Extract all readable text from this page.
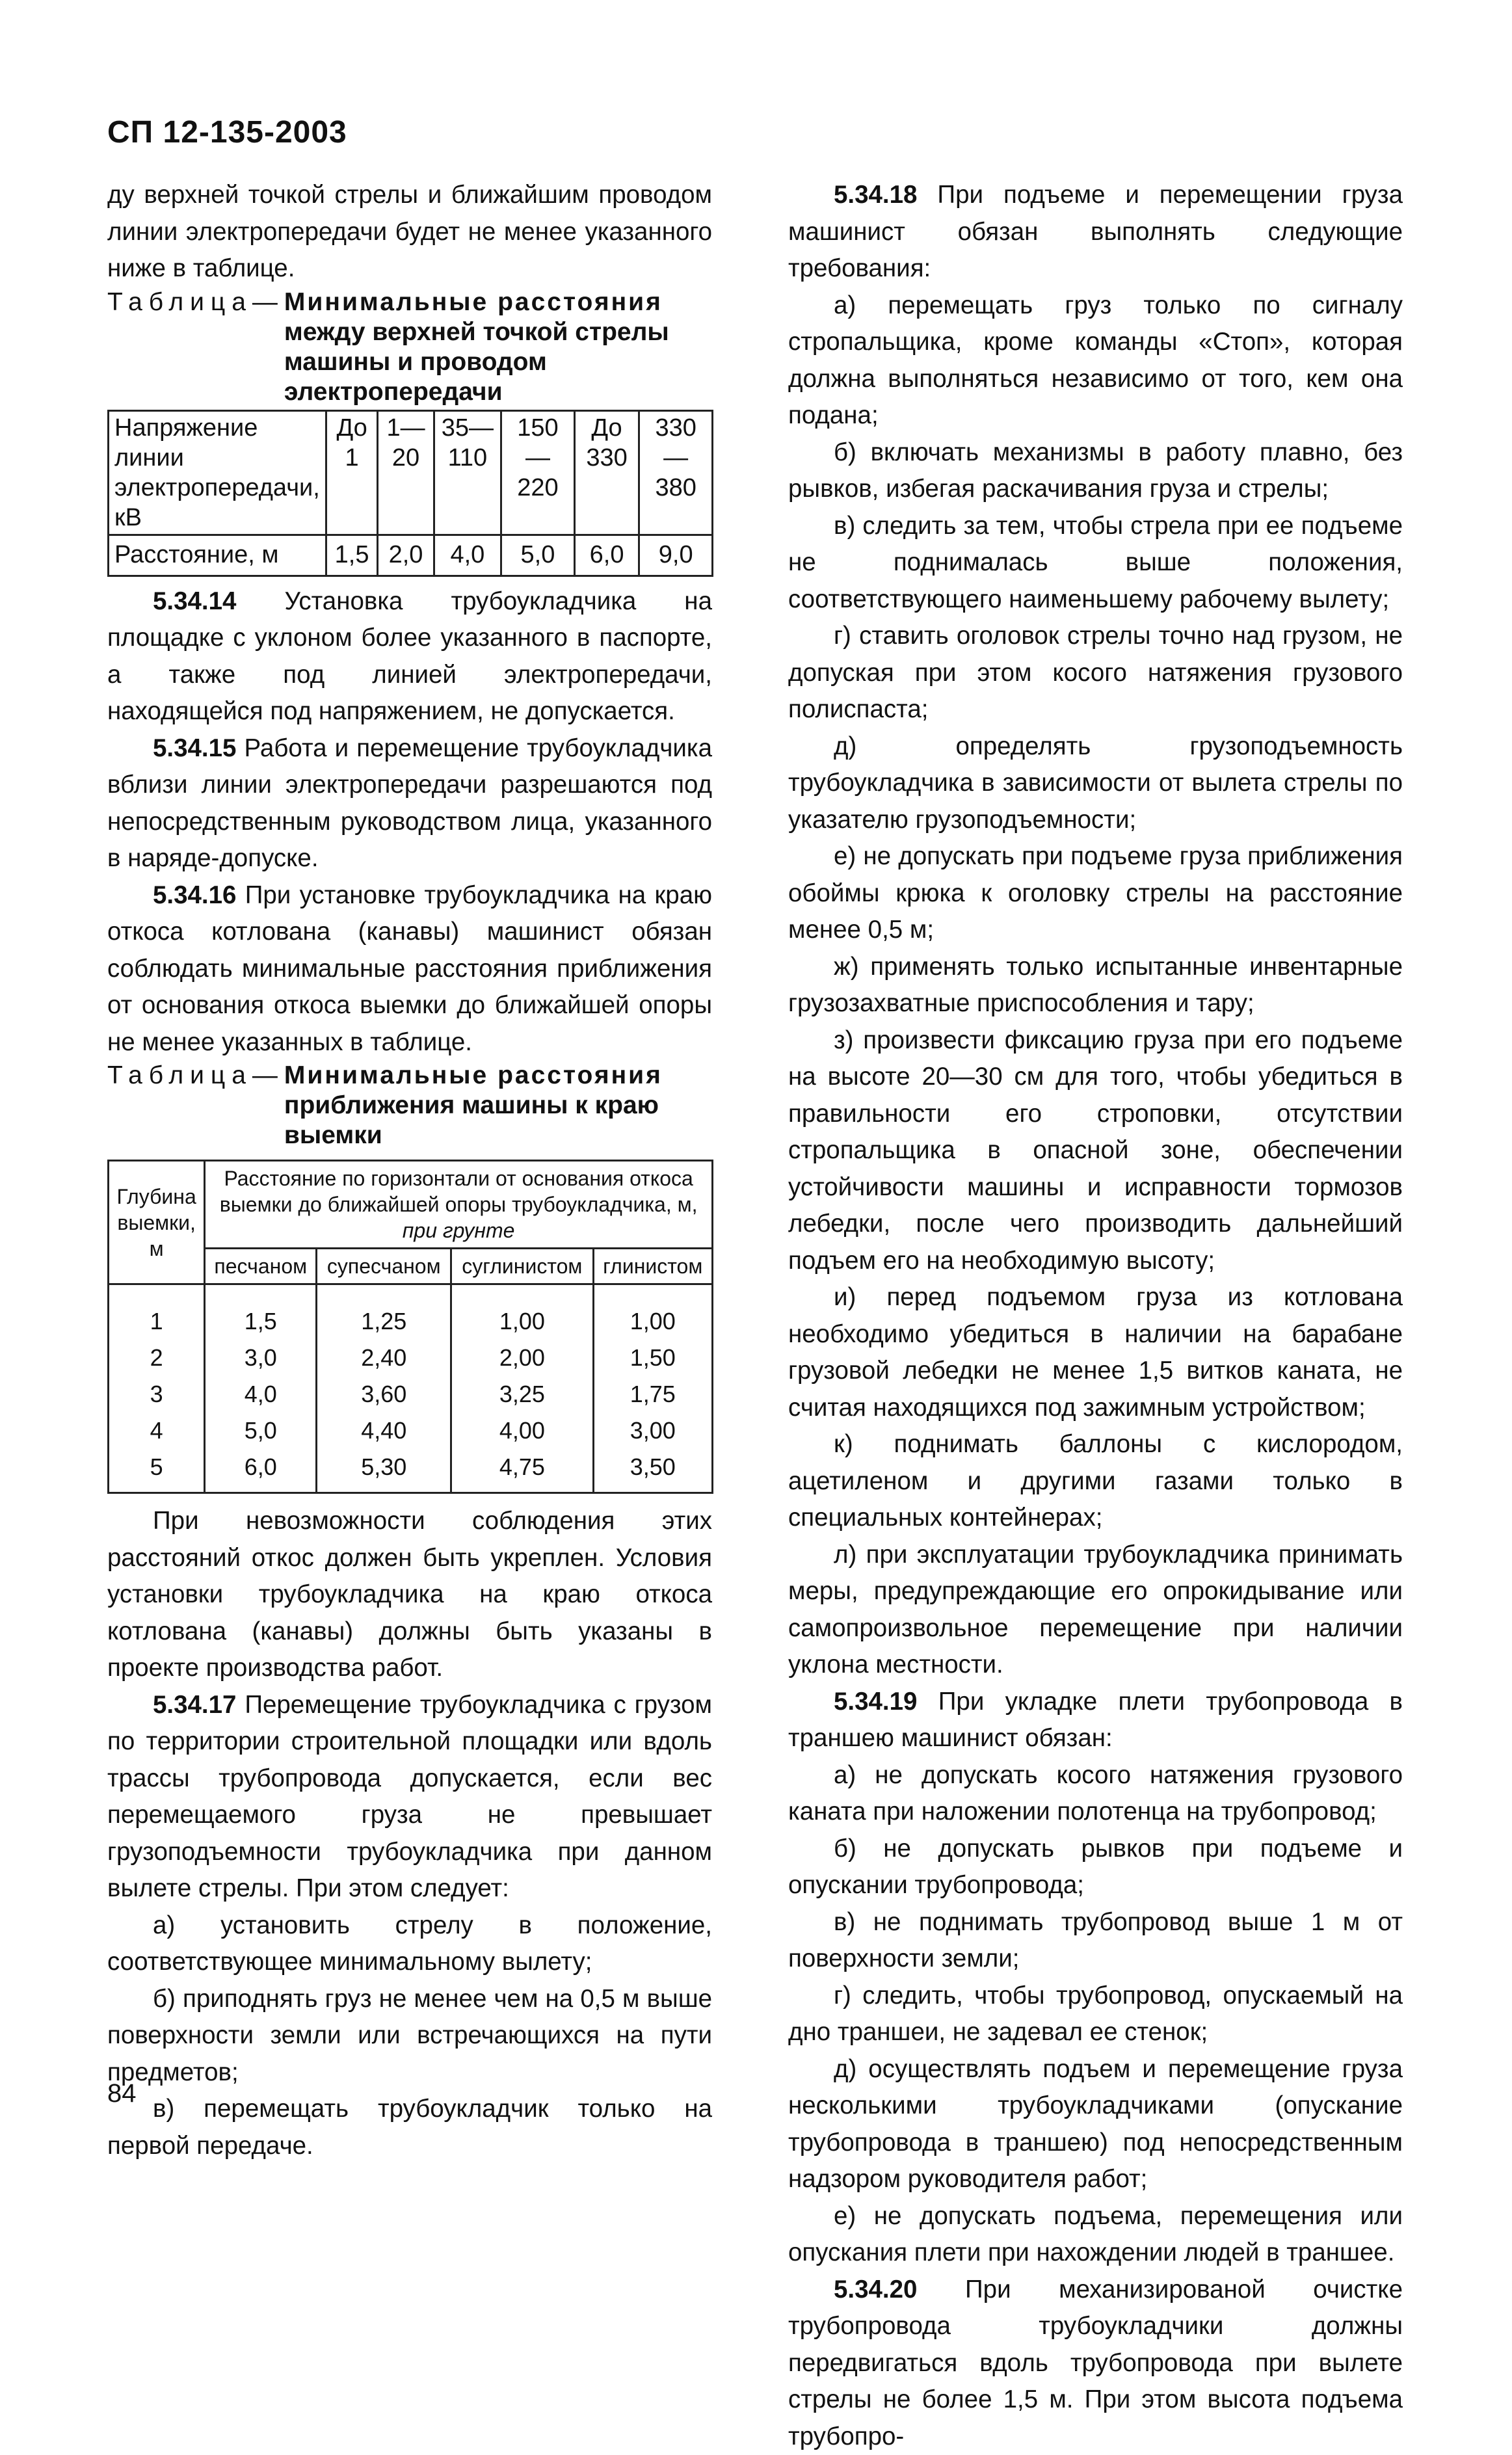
СП 12-135-2003

ду верхней точкой стрелы и ближайшим проводом линии электропередачи будет не менее указанного ниже в таблице.

Таблица— Минимальные расстояния между верхней точкой стрелы машины и проводом электропередачи
Напряжение линии электропередачи, кВ	До 1	1—20	35—110	150—220	До 330	330—380
Расстояние, м	1,5	2,0	4,0	5,0	6,0	9,0

5.34.14 Установка трубоукладчика на площадке с уклоном более указанного в паспорте, а также под линией электропередачи, находящейся под напряжением, не допускается.

5.34.15 Работа и перемещение трубоукладчика вблизи линии электропередачи разрешаются под непосредственным руководством лица, указанного в наряде-допуске.

5.34.16 При установке трубоукладчика на краю откоса котлована (канавы) машинист обязан соблюдать минимальные расстояния приближения от основания откоса выемки до ближайшей опоры не менее указанных в таблице.

Таблица— Минимальные расстояния приближения машины к краю выемки
Глубина выемки, м	Расстояние по горизонтали от основания откоса выемки до ближайшей опоры трубоукладчика, м, при грунте			
	песчаном	супесчаном	суглинистом	глинистом
1	1,5	1,25	1,00	1,00
2	3,0	2,40	2,00	1,50
3	4,0	3,60	3,25	1,75
4	5,0	4,40	4,00	3,00
5	6,0	5,30	4,75	3,50

При невозможности соблюдения этих расстояний откос должен быть укреплен. Условия установки трубоукладчика на краю откоса котлована (канавы) должны быть указаны в проекте производства работ.

5.34.17 Перемещение трубоукладчика с грузом по территории строительной площадки или вдоль трассы трубопровода допускается, если вес перемещаемого груза не превышает грузоподъемности трубоукладчика при данном вылете стрелы. При этом следует:

а) установить стрелу в положение, соответствующее минимальному вылету;

б) приподнять груз не менее чем на 0,5 м выше поверхности земли или встречающихся на пути предметов;

в) перемещать трубоукладчик только на первой передаче.

5.34.18 При подъеме и перемещении груза машинист обязан выполнять следующие требования:

а) перемещать груз только по сигналу стропальщика, кроме команды «Стоп», которая должна выполняться независимо от того, кем она подана;

б) включать механизмы в работу плавно, без рывков, избегая раскачивания груза и стрелы;

в) следить за тем, чтобы стрела при ее подъеме не поднималась выше положения, соответствующего наименьшему рабочему вылету;

г) ставить оголовок стрелы точно над грузом, не допуская при этом косого натяжения грузового полиспаста;

д) определять грузоподъемность трубоукладчика в зависимости от вылета стрелы по указателю грузоподъемности;

е) не допускать при подъеме груза приближения обоймы крюка к оголовку стрелы на расстояние менее 0,5 м;

ж) применять только испытанные инвентарные грузозахватные приспособления и тару;

з) произвести фиксацию груза при его подъеме на высоте 20—30 см для того, чтобы убедиться в правильности его строповки, отсутствии стропальщика в опасной зоне, обеспечении устойчивости машины и исправности тормозов лебедки, после чего производить дальнейший подъем его на необходимую высоту;

и) перед подъемом груза из котлована необходимо убедиться в наличии на барабане грузовой лебедки не менее 1,5 витков каната, не считая находящихся под зажимным устройством;

к) поднимать баллоны с кислородом, ацетиленом и другими газами только в специальных контейнерах;

л) при эксплуатации трубоукладчика принимать меры, предупреждающие его опрокидывание или самопроизвольное перемещение при наличии уклона местности.

5.34.19 При укладке плети трубопровода в траншею машинист обязан:

а) не допускать косого натяжения грузового каната при наложении полотенца на трубопровод;

б) не допускать рывков при подъеме и опускании трубопровода;

в) не поднимать трубопровод выше 1 м от поверхности земли;

г) следить, чтобы трубопровод, опускаемый на дно траншеи, не задевал ее стенок;

д) осуществлять подъем и перемещение груза несколькими трубоукладчиками (опускание трубопровода в траншею) под непосредственным надзором руководителя работ;

е) не допускать подъема, перемещения или опускания плети при нахождении людей в траншее.

5.34.20 При механизированой очистке трубопровода трубоукладчики должны передвигаться вдоль трубопровода при вылете стрелы не более 1,5 м. При этом высота подъема трубопро-

84
